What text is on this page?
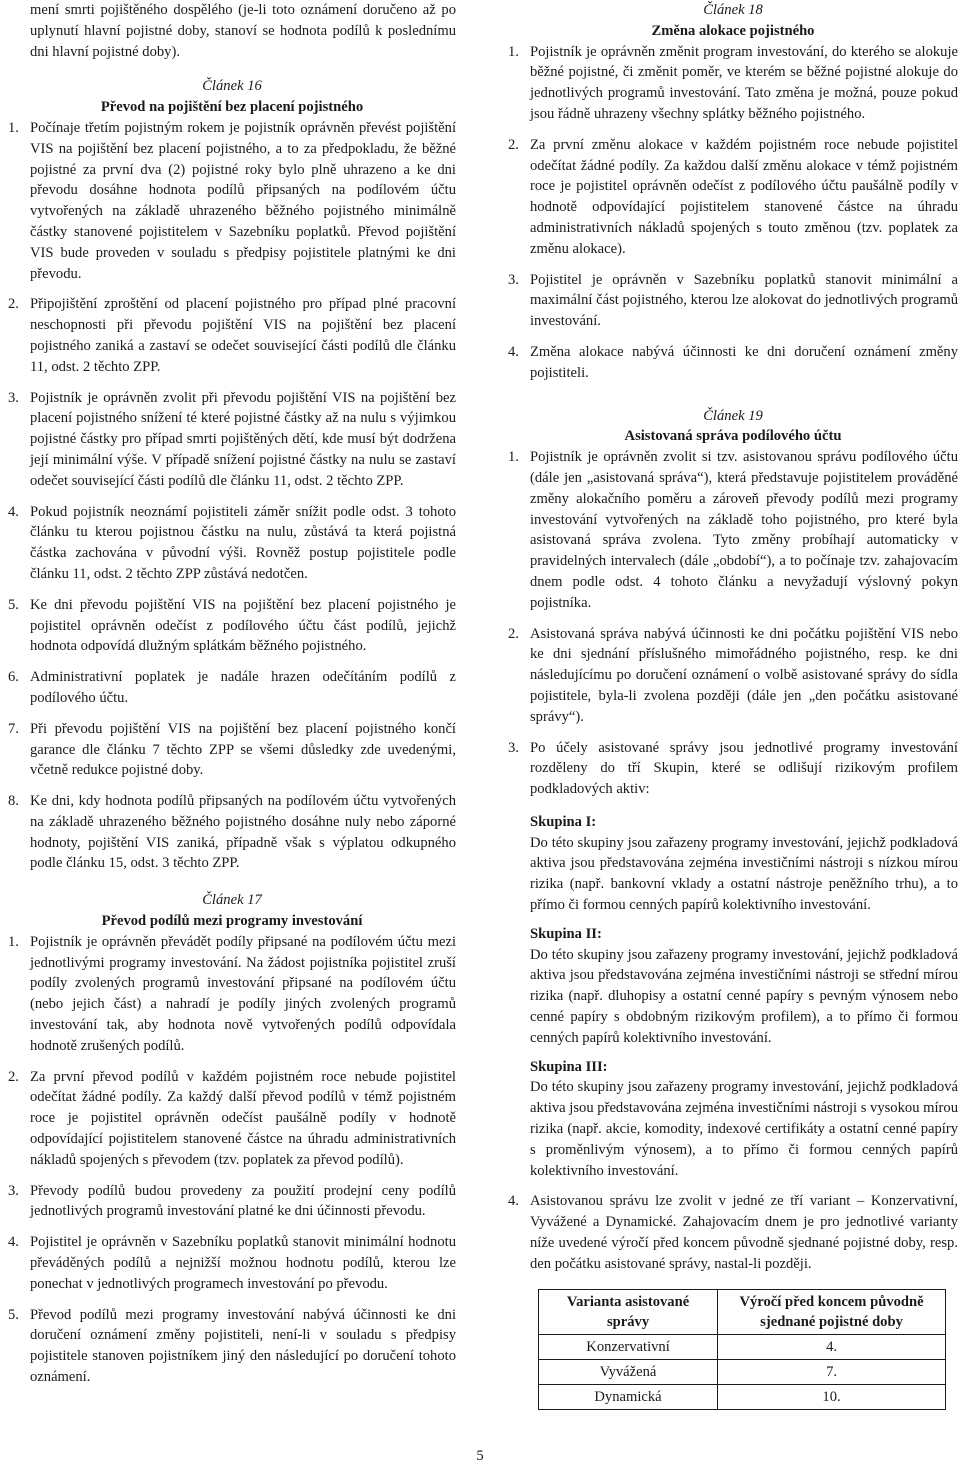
mení smrti pojištěného dospělého (je-li toto oznámení doručeno až po uplynutí hlavní pojistné doby, stanoví se hodnota podílů k poslednímu dni hlavní pojistné doby).

Článek 16
Převod na pojištění bez placení pojistného
1. Počínaje třetím pojistným rokem je pojistník oprávněn převést pojištění VIS na pojištění bez placení pojistného, a to za předpokladu, že běžné pojistné za první dva (2) pojistné roky bylo plně uhrazeno a ke dni převodu dosáhne hodnota podílů připsaných na podílovém účtu vytvořených na základě uhrazeného běžného pojistného minimálně částky stanovené pojistitelem v Sazebníku poplatků. Převod pojištění VIS bude proveden v souladu s předpisy pojistitele platnými ke dni převodu.
2. Připojištění zproštění od placení pojistného pro případ plné pracovní neschopnosti při převodu pojištění VIS na pojištění bez placení pojistného zaniká a zastaví se odečet související části podílů dle článku 11, odst. 2 těchto ZPP.
3. Pojistník je oprávněn zvolit při převodu pojištění VIS na pojištění bez placení pojistného snížení té které pojistné částky až na nulu s výjimkou pojistné částky pro případ smrti pojištěných dětí, kde musí být dodržena její minimální výše. V případě snížení pojistné částky na nulu se zastaví odečet související části podílů dle článku 11, odst. 2 těchto ZPP.
4. Pokud pojistník neoznámí pojistiteli záměr snížit podle odst. 3 tohoto článku tu kterou pojistnou částku na nulu, zůstává ta která pojistná částka zachována v původní výši. Rovněž postup pojistitele podle článku 11, odst. 2 těchto ZPP zůstává nedotčen.
5. Ke dni převodu pojištění VIS na pojištění bez placení pojistného je pojistitel oprávněn odečíst z podílového účtu část podílů, jejichž hodnota odpovídá dlužným splátkám běžného pojistného.
6. Administrativní poplatek je nadále hrazen odečítáním podílů z podílového účtu.
7. Při převodu pojištění VIS na pojištění bez placení pojistného končí garance dle článku 7 těchto ZPP se všemi důsledky zde uvedenými, včetně redukce pojistné doby.
8. Ke dni, kdy hodnota podílů připsaných na podílovém účtu vytvořených na základě uhrazeného běžného pojistného dosáhne nuly nebo záporné hodnoty, pojištění VIS zaniká, případně však s výplatou odkupného podle článku 15, odst. 3 těchto ZPP.
Článek 17
Převod podílů mezi programy investování
1. Pojistník je oprávněn převádět podíly připsané na podílovém účtu mezi jednotlivými programy investování. Na žádost pojistníka pojistitel zruší podíly zvolených programů investování připsané na podílovém účtu (nebo jejich část) a nahradí je podíly jiných zvolených programů investování tak, aby hodnota nově vytvořených podílů odpovídala hodnotě zrušených podílů.
2. Za první převod podílů v každém pojistném roce nebude pojistitel odečítat žádné podíly. Za každý další převod podílů v témž pojistném roce je pojistitel oprávněn odečíst paušálně podíly v hodnotě odpovídající pojistitelem stanovené částce na úhradu administrativních nákladů spojených s převodem (tzv. poplatek za převod podílů).
3. Převody podílů budou provedeny za použití prodejní ceny podílů jednotlivých programů investování platné ke dni účinnosti převodu.
4. Pojistitel je oprávněn v Sazebníku poplatků stanovit minimální hodnotu převáděných podílů a nejnižší možnou hodnotu podílů, kterou lze ponechat v jednotlivých programech investování po převodu.
5. Převod podílů mezi programy investování nabývá účinnosti ke dni doručení oznámení změny pojistiteli, není-li v souladu s předpisy pojistitele stanoven pojistníkem jiný den následující po doručení tohoto oznámení.
Článek 18
Změna alokace pojistného
1. Pojistník je oprávněn změnit program investování, do kterého se alokuje běžné pojistné, či změnit poměr, ve kterém se běžné pojistné alokuje do jednotlivých programů investování. Tato změna je možná, pouze pokud jsou řádně uhrazeny všechny splátky běžného pojistného.
2. Za první změnu alokace v každém pojistném roce nebude pojistitel odečítat žádné podíly. Za každou další změnu alokace v témž pojistném roce je pojistitel oprávněn odečíst z podílového účtu paušálně podíly v hodnotě odpovídající pojistitelem stanovené částce na úhradu administrativních nákladů spojených s touto změnou (tzv. poplatek za změnu alokace).
3. Pojistitel je oprávněn v Sazebníku poplatků stanovit minimální a maximální část pojistného, kterou lze alokovat do jednotlivých programů investování.
4. Změna alokace nabývá účinnosti ke dni doručení oznámení změny pojistiteli.
Článek 19
Asistovaná správa podílového účtu
1. Pojistník je oprávněn zvolit si tzv. asistovanou správu podílového účtu (dále jen „asistovaná správa“), která představuje pojistitelem prováděné změny alokačního poměru a zároveň převody podílů mezi programy investování vytvořených na základě toho pojistného, pro které byla asistovaná správa zvolena. Tyto změny probíhají automaticky v pravidelných intervalech (dále „období“), a to počínaje tzv. zahajovacím dnem podle odst. 4 tohoto článku a nevyžadují výslovný pokyn pojistníka.
2. Asistovaná správa nabývá účinnosti ke dni počátku pojištění VIS nebo ke dni sjednání příslušného mimořádného pojistného, resp. ke dni následujícímu po doručení oznámení o volbě asistované správy do sídla pojistitele, byla-li zvolena později (dále jen „den počátku asistované správy“).
3. Po účely asistované správy jsou jednotlivé programy investování rozděleny do tří Skupin, které se odlišují rizikovým profilem podkladových aktiv:
Skupina I:
Do této skupiny jsou zařazeny programy investování, jejichž podkladová aktiva jsou představována zejména investičními nástroji s nízkou mírou rizika (např. bankovní vklady a ostatní nástroje peněžního trhu), a to přímo či formou cenných papírů kolektivního investování.
Skupina II:
Do této skupiny jsou zařazeny programy investování, jejichž podkladová aktiva jsou představována zejména investičními nástroji se střední mírou rizika (např. dluhopisy a ostatní cenné papíry s pevným výnosem nebo cenné papíry s obdobným rizikovým profilem), a to přímo či formou cenných papírů kolektivního investování.
Skupina III:
Do této skupiny jsou zařazeny programy investování, jejichž podkladová aktiva jsou představována zejména investičními nástroji s vysokou mírou rizika (např. akcie, komodity, indexové certifikáty a ostatní cenné papíry s proměnlivým výnosem), a to přímo či formou cenných papírů kolektivního investování.
4. Asistovanou správu lze zvolit v jedné ze tří variant – Konzervativní, Vyvážené a Dynamické. Zahajovacím dnem je pro jednotlivé varianty níže uvedené výročí před koncem původně sjednané pojistné doby, resp. den počátku asistované správy, nastal-li později.
Varianta asistované správy	Výročí před koncem původně sjednané pojistné doby
Konzervativní	4.
Vyvážená	7.
Dynamická	10.
5
